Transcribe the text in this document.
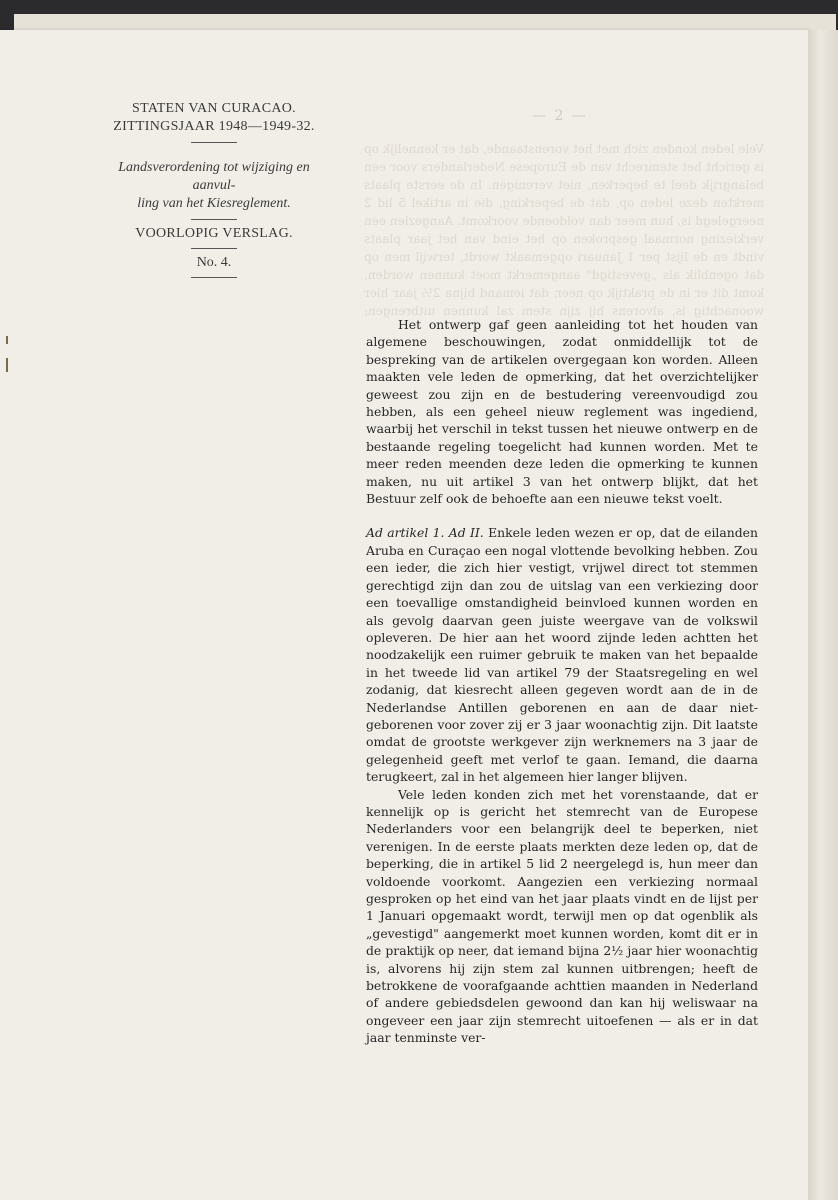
— 2 —
Vele leden konden zich met het vorenstaande, dat er kennelijk op is gericht het stemrecht van de Europese Nederlanders voor een belangrijk deel te beperken, niet verenigen. In de eerste plaats merkten deze leden op, dat de beperking, die in artikel 5 lid 2 neergelegd is, hun meer dan voldoende voorkomt. Aangezien een verkiezing normaal gesproken op het eind van het jaar plaats vindt en de lijst per 1 Januari opgemaakt wordt, terwijl men op dat ogenblik als „gevestigd" aangemerkt moet kunnen worden, komt dit er in de praktijk op neer, dat iemand bijna 2½ jaar hier woonachtig is, alvorens hij zijn stem zal kunnen uitbrengen;
STATEN VAN CURACAO.
ZITTINGSJAAR 1948—1949-32.
Landsverordening tot wijziging en aanvul-
ling van het Kiesreglement.
VOORLOPIG VERSLAG.
No. 4.

Het ontwerp gaf geen aanleiding tot het houden van algemene beschouwingen, zodat onmiddellijk tot de bespreking van de artikelen overgegaan kon worden. Alleen maakten vele leden de opmerking, dat het overzichtelijker geweest zou zijn en de bestudering vereenvoudigd zou hebben, als een geheel nieuw reglement was ingediend, waarbij het verschil in tekst tussen het nieuwe ontwerp en de bestaande regeling toegelicht had kunnen worden. Met te meer reden meenden deze leden die opmerking te kunnen maken, nu uit artikel 3 van het ontwerp blijkt, dat het Bestuur zelf ook de behoefte aan een nieuwe tekst voelt.

Ad artikel 1. Ad II. Enkele leden wezen er op, dat de eilanden Aruba en Curaçao een nogal vlottende bevolking hebben. Zou een ieder, die zich hier vestigt, vrijwel direct tot stemmen gerechtigd zijn dan zou de uitslag van een verkiezing door een toevallige omstandigheid beinvloed kunnen worden en als gevolg daarvan geen juiste weergave van de volkswil opleveren. De hier aan het woord zijnde leden achtten het noodzakelijk een ruimer gebruik te maken van het bepaalde in het tweede lid van artikel 79 der Staatsregeling en wel zodanig, dat kiesrecht alleen gegeven wordt aan de in de Nederlandse Antillen geborenen en aan de daar niet-geborenen voor zover zij er 3 jaar woonachtig zijn. Dit laatste omdat de grootste werkgever zijn werknemers na 3 jaar de gelegenheid geeft met verlof te gaan. Iemand, die daarna terugkeert, zal in het algemeen hier langer blijven.

Vele leden konden zich met het vorenstaande, dat er kennelijk op is gericht het stemrecht van de Europese Nederlanders voor een belangrijk deel te beperken, niet verenigen. In de eerste plaats merkten deze leden op, dat de beperking, die in artikel 5 lid 2 neergelegd is, hun meer dan voldoende voorkomt. Aangezien een verkiezing normaal gesproken op het eind van het jaar plaats vindt en de lijst per 1 Januari opgemaakt wordt, terwijl men op dat ogenblik als „gevestigd" aangemerkt moet kunnen worden, komt dit er in de praktijk op neer, dat iemand bijna 2½ jaar hier woonachtig is, alvorens hij zijn stem zal kunnen uitbrengen; heeft de betrokkene de voorafgaande achttien maanden in Nederland of andere gebiedsdelen gewoond dan kan hij weliswaar na ongeveer een jaar zijn stemrecht uitoefenen — als er in dat jaar tenminste ver-
